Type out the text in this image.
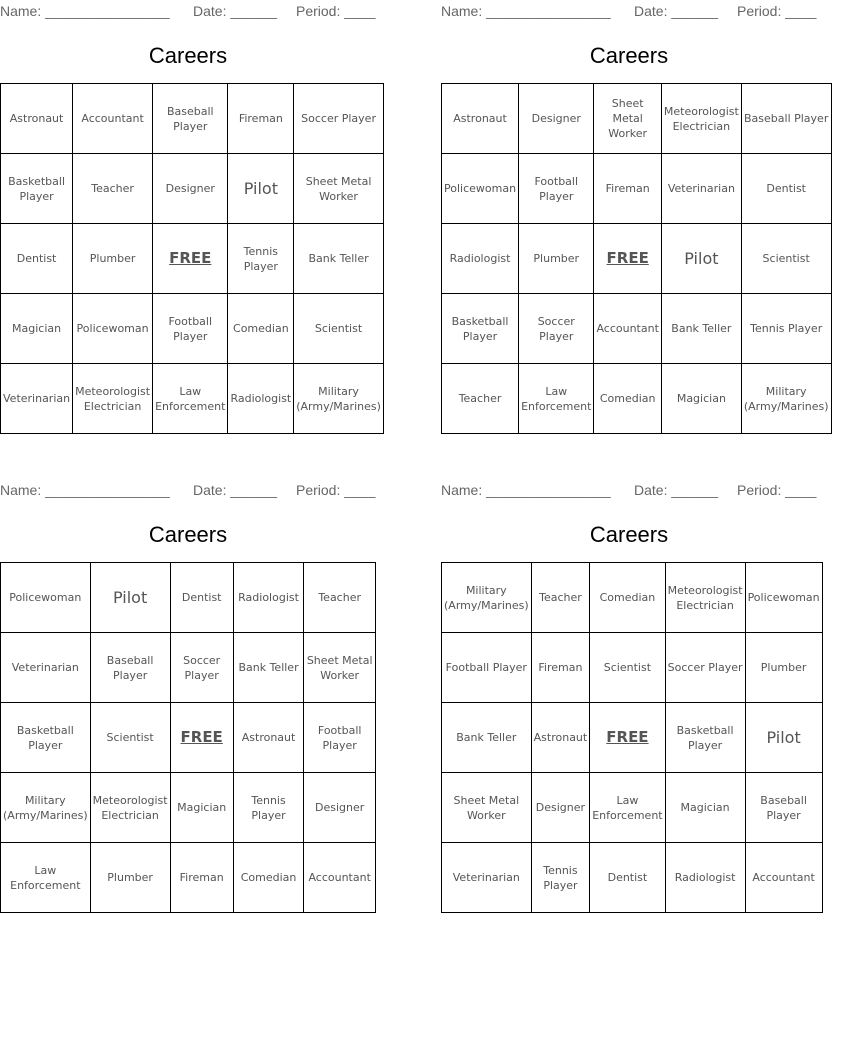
Name: ________________ Date: ______ Period: ____
Careers
Astronaut	Accountant	Baseball Player	Fireman	Soccer Player
Basketball Player	Teacher	Designer	Pilot	Sheet Metal Worker
Dentist	Plumber	FREE	Tennis Player	Bank Teller
Magician	Policewoman	Football Player	Comedian	Scientist
Veterinarian	Meteorologist Electrician	Law Enforcement	Radiologist	Military (Army/Marines)
Name: ________________ Date: ______ Period: ____
Careers
Astronaut	Designer	Sheet Metal Worker	Meteorologist Electrician	Baseball Player
Policewoman	Football Player	Fireman	Veterinarian	Dentist
Radiologist	Plumber	FREE	Pilot	Scientist
Basketball Player	Soccer Player	Accountant	Bank Teller	Tennis Player
Teacher	Law Enforcement	Comedian	Magician	Military (Army/Marines)
Name: ________________ Date: ______ Period: ____
Careers
Policewoman	Pilot	Dentist	Radiologist	Teacher
Veterinarian	Baseball Player	Soccer Player	Bank Teller	Sheet Metal Worker
Basketball Player	Scientist	FREE	Astronaut	Football Player
Military (Army/Marines)	Meteorologist Electrician	Magician	Tennis Player	Designer
Law Enforcement	Plumber	Fireman	Comedian	Accountant
Name: ________________ Date: ______ Period: ____
Careers
Military (Army/Marines)	Teacher	Comedian	Meteorologist Electrician	Policewoman
Football Player	Fireman	Scientist	Soccer Player	Plumber
Bank Teller	Astronaut	FREE	Basketball Player	Pilot
Sheet Metal Worker	Designer	Law Enforcement	Magician	Baseball Player
Veterinarian	Tennis Player	Dentist	Radiologist	Accountant
